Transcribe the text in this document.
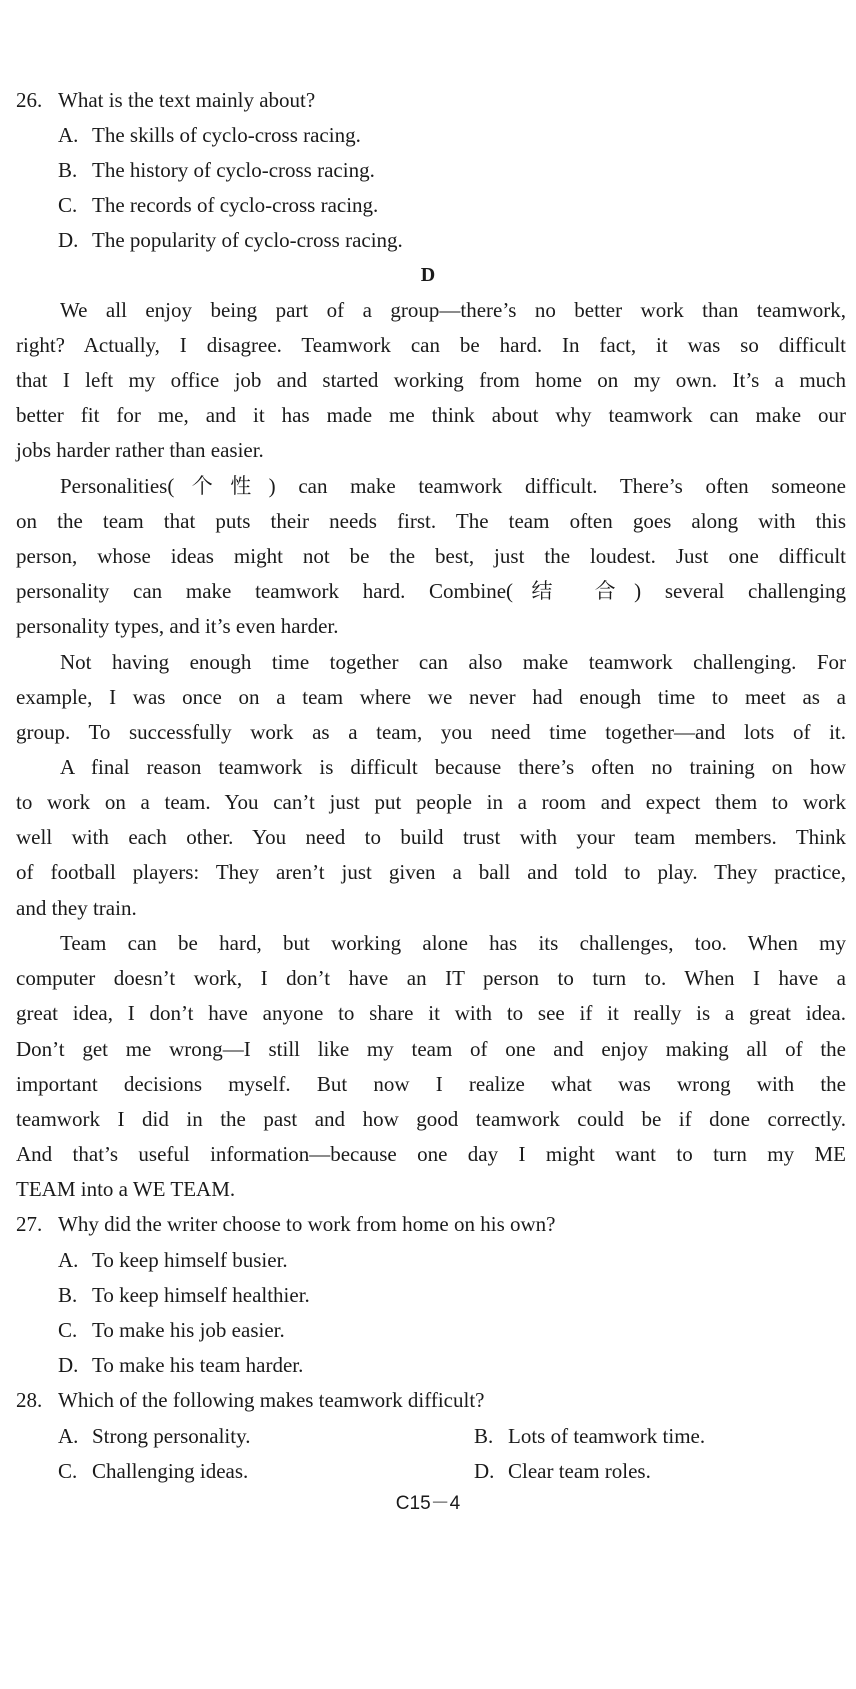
26. What is the text mainly about?
A. The skills of cyclo-cross racing.
B. The history of cyclo-cross racing.
C. The records of cyclo-cross racing.
D. The popularity of cyclo-cross racing.
D
We all enjoy being part of a group—there’s no better work than teamwork,
right? Actually, I disagree. Teamwork can be hard. In fact, it was so difficult
that I left my office job and started working from home on my own. It’s a much
better fit for me, and it has made me think about why teamwork can make our
jobs harder rather than easier.
Personalities(个性) can make teamwork difficult. There’s often someone
on the team that puts their needs first. The team often goes along with this
person, whose ideas might not be the best, just the loudest. Just one difficult
personality can make teamwork hard. Combine(结 合) several challenging
personality types, and it’s even harder.
Not having enough time together can also make teamwork challenging. For
example, I was once on a team where we never had enough time to meet as a
group. To successfully work as a team, you need time together—and lots of it.
A final reason teamwork is difficult because there’s often no training on how
to work on a team. You can’t just put people in a room and expect them to work
well with each other. You need to build trust with your team members. Think
of football players: They aren’t just given a ball and told to play. They practice,
and they train.
Team can be hard, but working alone has its challenges, too. When my
computer doesn’t work, I don’t have an IT person to turn to. When I have a
great idea, I don’t have anyone to share it with to see if it really is a great idea.
Don’t get me wrong—I still like my team of one and enjoy making all of the
important decisions myself. But now I realize what was wrong with the
teamwork I did in the past and how good teamwork could be if done correctly.
And that’s useful information—because one day I might want to turn my ME
TEAM into a WE TEAM.
27. Why did the writer choose to work from home on his own?
A. To keep himself busier.
B. To keep himself healthier.
C. To make his job easier.
D. To make his team harder.
28. Which of the following makes teamwork difficult?
A. Strong personality.	B. Lots of teamwork time.
C. Challenging ideas.	D. Clear team roles.
C15－4
